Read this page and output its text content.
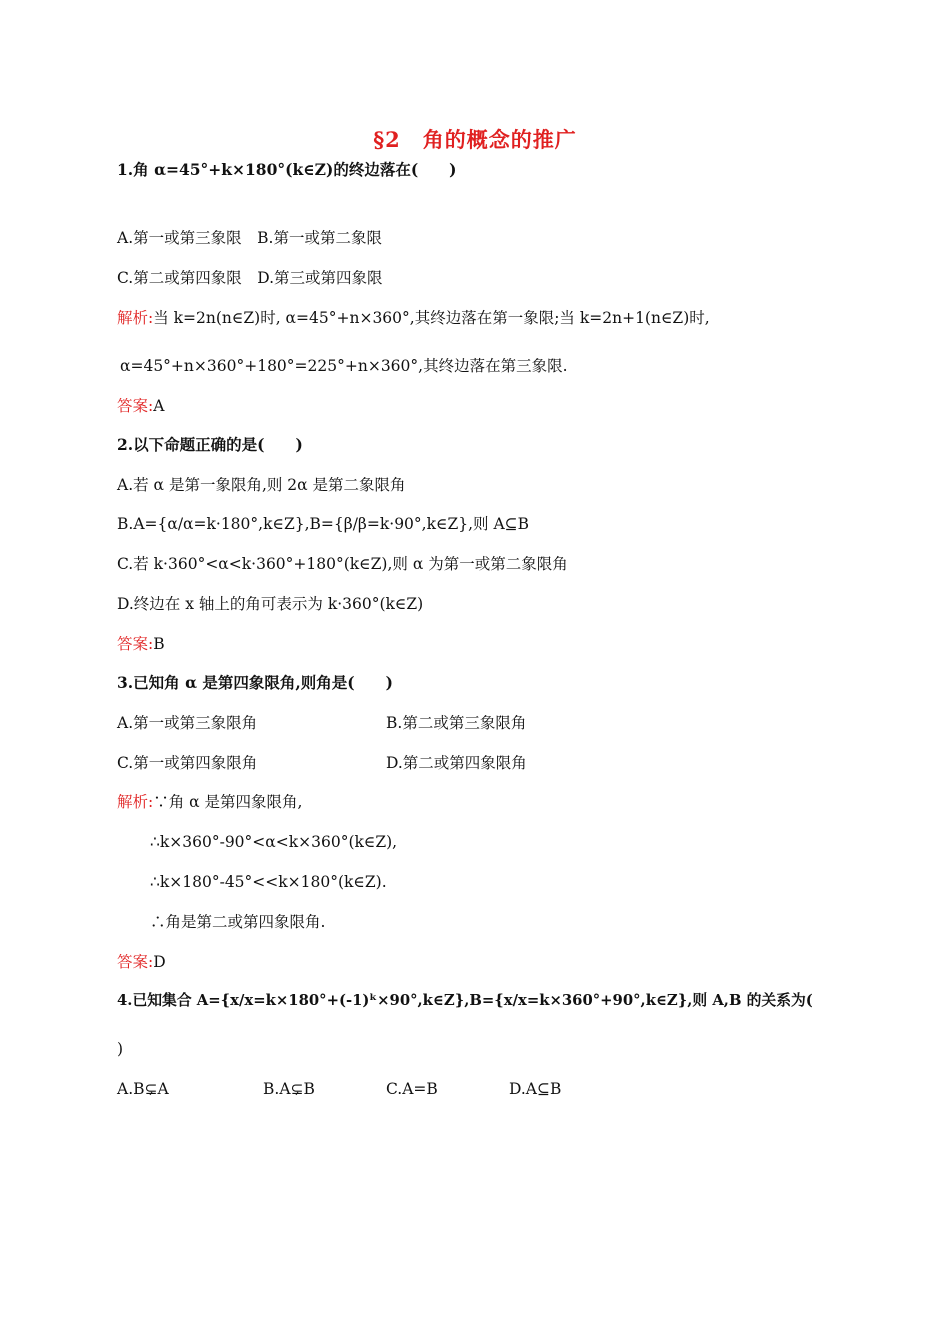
§2　角的概念的推广
1.角 α=45°+k×180°(k∈Z)的终边落在(　　)
A.第一或第三象限　B.第一或第二象限
C.第二或第四象限　D.第三或第四象限
解析:当 k=2n(n∈Z)时, α=45°+n×360°,其终边落在第一象限;当 k=2n+1(n∈Z)时,
α=45°+n×360°+180°=225°+n×360°,其终边落在第三象限.
答案:A
2.以下命题正确的是(　　)
A.若 α 是第一象限角,则 2α 是第二象限角
B.A={α/α=k·180°,k∈Z},B={β/β=k·90°,k∈Z},则 A⊆B
C.若 k·360°<α<k·360°+180°(k∈Z),则 α 为第一或第二象限角
D.终边在 x 轴上的角可表示为 k·360°(k∈Z)
答案:B
3.已知角 α 是第四象限角,则角是(　　)
A.第一或第三象限角	B.第二或第三象限角
C.第一或第四象限角	D.第二或第四象限角
解析:∵角 α 是第四象限角,
∴k×360°-90°<α<k×360°(k∈Z),
∴k×180°-45°<<k×180°(k∈Z).
∴角是第二或第四象限角.
答案:D
4.已知集合 A={x/x=k×180°+(-1)ᵏ×90°,k∈Z},B={x/x=k×360°+90°,k∈Z},则 A,B 的关系为(
)
A.B⊊A	B.A⊊B	C.A=B	D.A⊆B
